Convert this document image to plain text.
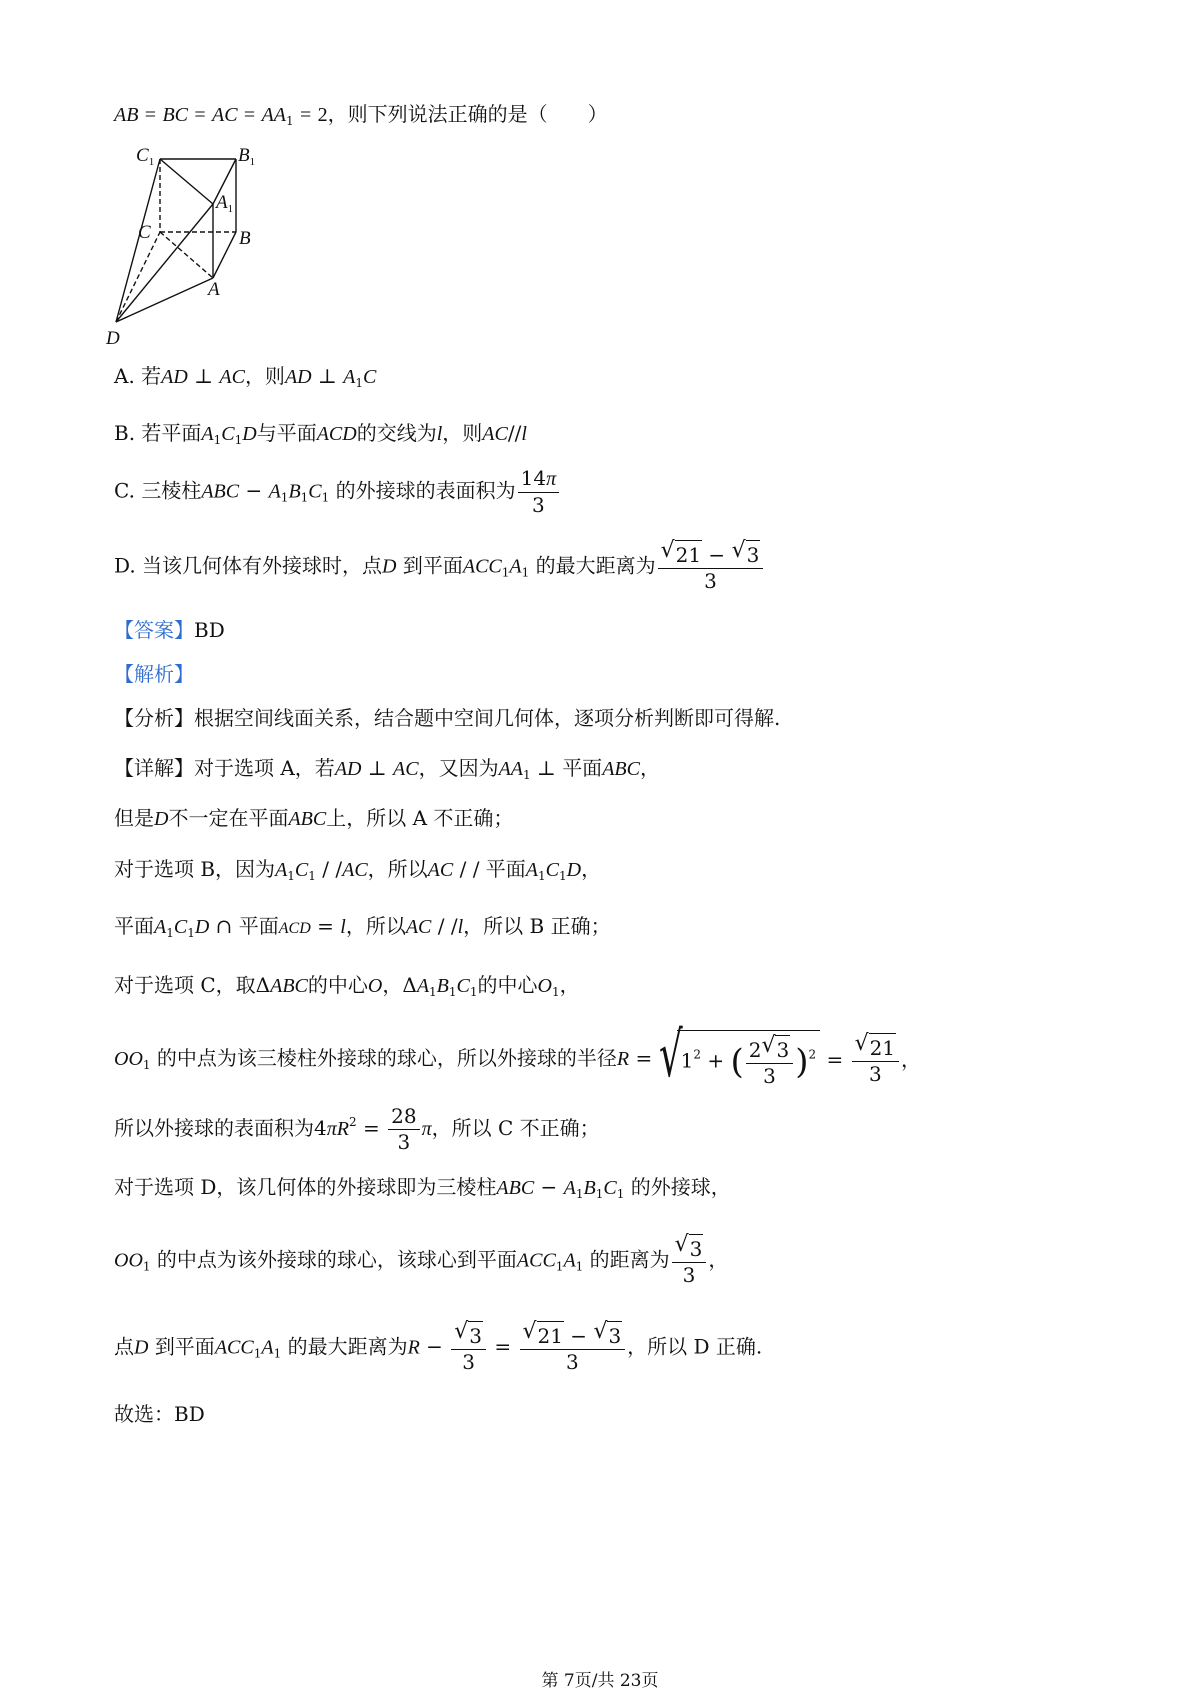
AB = BC = AC = $AA_1 = 2$，则下列说法正确的是（　　）
$C_1$	$B_1$
$A_1$
C	B
A
D
A. 若AD ⊥ AC，则AD ⊥ $A_1C$
B. 若平面$A_1C_1D$与平面ACD的交线为l，则AC//l
C. 三棱柱ABC − $A_1B_1C_1$ 的外接球的表面积为 $\frac{14\pi}{3}$
D. 当该几何体有外接球时，点D 到平面$ACC_1A_1$ 的最大距离为 $\frac{√ 21 - √ 3}{3}$
【答案】BD
【解析】
【分析】根据空间线面关系，结合题中空间几何体，逐项分析判断即可得解.
【详解】对于选项 A，若AD ⊥ AC，又因为$AA_1$ ⊥ 平面ABC，
但是D不一定在平面ABC上，所以 A 不正确；
对于选项 B，因为$A_1C_1 / /AC$，所以AC / / 平面$A_1C_1D$，
平面$A_1C_1D$ ∩ 平面ACD = l，所以AC / /l，所以 B 正确；
对于选项 C，取ΔABC的中心O，$\Delta A_1B_1C_1$的中心$O_1$，
$OO_1$ 的中点为该三棱柱外接球的球心，所以外接球的半径R = √
$1^2$ + ( $\frac{2 √ 3}{3} )^2 = \frac{√ 21}{3}$ ，
所以外接球的表面积为$4\pi R^2 = \frac{28}{3}$ π，所以 C 不正确；
对于选项 D，该几何体的外接球即为三棱柱ABC − $A_1B_1C_1$ 的外接球，
$OO_1$ 的中点为该外接球的球心，该球心到平面$ACC_1A_1$ 的距离为 $\frac{√ 3}{3}$ ，
点D 到平面$ACC_1A_1$ 的最大距离为$R - \frac{√ 3}{3} = \frac{√ 21 - √ 3}{3}$ ，所以 D 正确.
故选：BD
第 7页/共 23页
